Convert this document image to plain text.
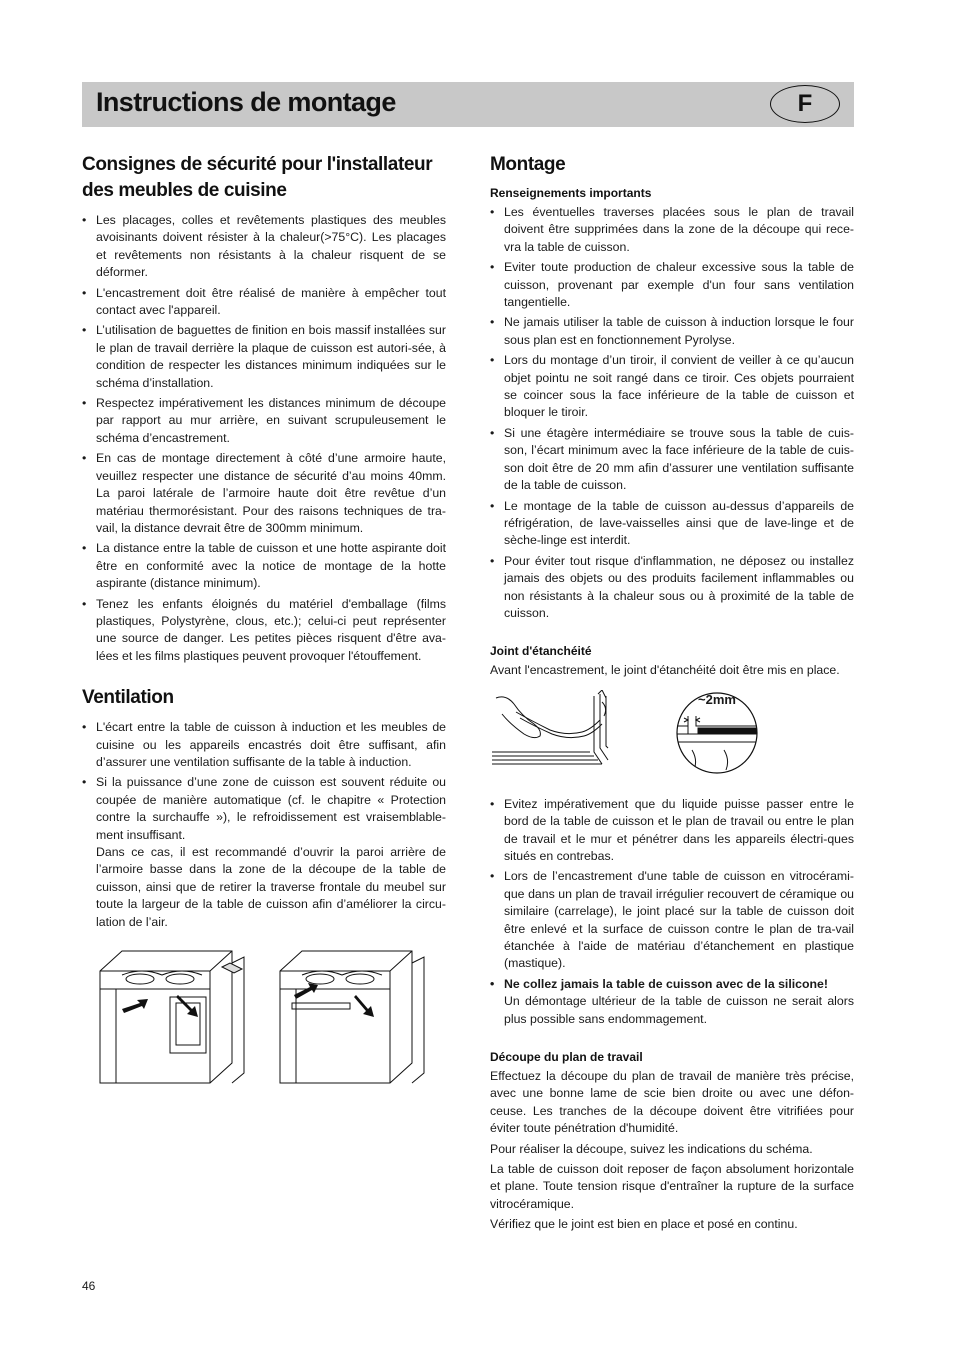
Instructions de montage	F
Consignes de sécurité pour l'installateur des meubles de cuisine
• Les placages, colles et revêtements plastiques des meubles avoisinants doivent résister à la chaleur(>75°C). Les placages et revêtements non résistants à la chaleur risquent de se déformer.
• L'encastrement doit être réalisé de manière à empêcher tout contact avec l'appareil.
• L’utilisation de baguettes de finition en bois massif installées sur le plan de travail derrière la plaque de cuisson est autori-sée, à condition de respecter les distances minimum indiquées sur le schéma d’installation.
• Respectez impérativement les distances minimum de découpe par rapport au mur arrière, en suivant scrupuleusement le schéma d’encastrement.
• En cas de montage directement à côté d’une armoire haute, veuillez respecter une distance de sécurité d’au moins 40mm. La paroi latérale de l’armoire haute doit être revêtue d’un matériau thermorésistant. Pour des raisons techniques de tra-vail, la distance devrait être de 300mm minimum.
• La distance entre la table de cuisson et une hotte aspirante doit être en conformité avec la notice de montage de la hotte aspirante (distance minimum).
• Tenez les enfants éloignés du matériel d'emballage (films plastiques, Polystyrène, clous, etc.); celui-ci peut représenter une source de danger. Les petites pièces risquent d'être ava-lées et les films plastiques peuvent provoquer l'étouffement.
Ventilation
• L'écart entre la table de cuisson à induction et les meubles de cuisine ou les appareils encastrés doit être suffisant, afin d’assurer une ventilation suffisante de la table à induction.
• Si la puissance d’une zone de cuisson est souvent réduite ou coupée de manière automatique (cf. le chapitre « Protection contre la surchauffe »), le refroidissement est vraisemblable-ment insuffisant.
Dans ce cas, il est recommandé d’ouvrir la paroi arrière de l’armoire basse dans la zone de la découpe de la table de cuisson, ainsi que de retirer la traverse frontale du meubel sur toute la largeur de la table de cuisson afin d’améliorer la circu-lation de l’air.
Montage
Renseignements importants
• Les éventuelles traverses placées sous le plan de travail doivent être supprimées dans la zone de la découpe qui rece-vra la table de cuisson.
• Eviter toute production de chaleur excessive sous la table de cuisson, provenant par exemple d'un four sans ventilation tangentielle.
• Ne jamais utiliser la table de cuisson à induction lorsque le four sous plan est en fonctionnement Pyrolyse.
• Lors du montage d’un tiroir, il convient de veiller à ce qu’aucun objet pointu ne soit rangé dans ce tiroir. Ces objets pourraient se coincer sous la face inférieure de la table de cuisson et bloquer le tiroir.
• Si une étagère intermédiaire se trouve sous la table de cuis-son, l’écart minimum avec la face inférieure de la table de cuis-son doit être de 20 mm afin d’assurer une ventilation suffisante de la table de cuisson.
• Le montage de la table de cuisson au-dessus d’appareils de réfrigération, de lave-vaisselles ainsi que de lave-linge et de sèche-linge est interdit.
• Pour éviter tout risque d'inflammation, ne déposez ou installez jamais des objets ou des produits facilement inflammables ou non résistants à la chaleur sous ou à proximité de la table de cuisson.
Joint d'étanchéité

Avant l'encastrement, le joint d'étanchéité doit être mis en place.

~2mm
• Evitez impérativement que du liquide puisse passer entre le bord de la table de cuisson et le plan de travail ou entre le plan de travail et le mur et pénétrer dans les appareils électri-ques situés en contrebas.
• Lors de l’encastrement d'une table de cuisson en vitrocérami-que dans un plan de travail irrégulier recouvert de céramique ou similaire (carrelage), le joint placé sur la table de cuisson doit être enlevé et la surface de cuisson contre le plan de tra-vail étanchée à l'aide de matériau d’étanchement en plastique (mastique).
• Ne collez jamais la table de cuisson avec de la silicone!
Un démontage ultérieur de la table de cuisson ne serait alors plus possible sans endommagement.
Découpe du plan de travail

Effectuez la découpe du plan de travail de manière très précise, avec une bonne lame de scie bien droite ou avec une défon-ceuse. Les tranches de la découpe doivent être vitrifiées pour éviter toute pénétration d'humidité.

Pour réaliser la découpe, suivez les indications du schéma.

La table de cuisson doit reposer de façon absolument horizontale et plane. Toute tension risque d'entraîner la rupture de la surface vitrocéramique.

Vérifiez que le joint est bien en place et posé en continu.

46
